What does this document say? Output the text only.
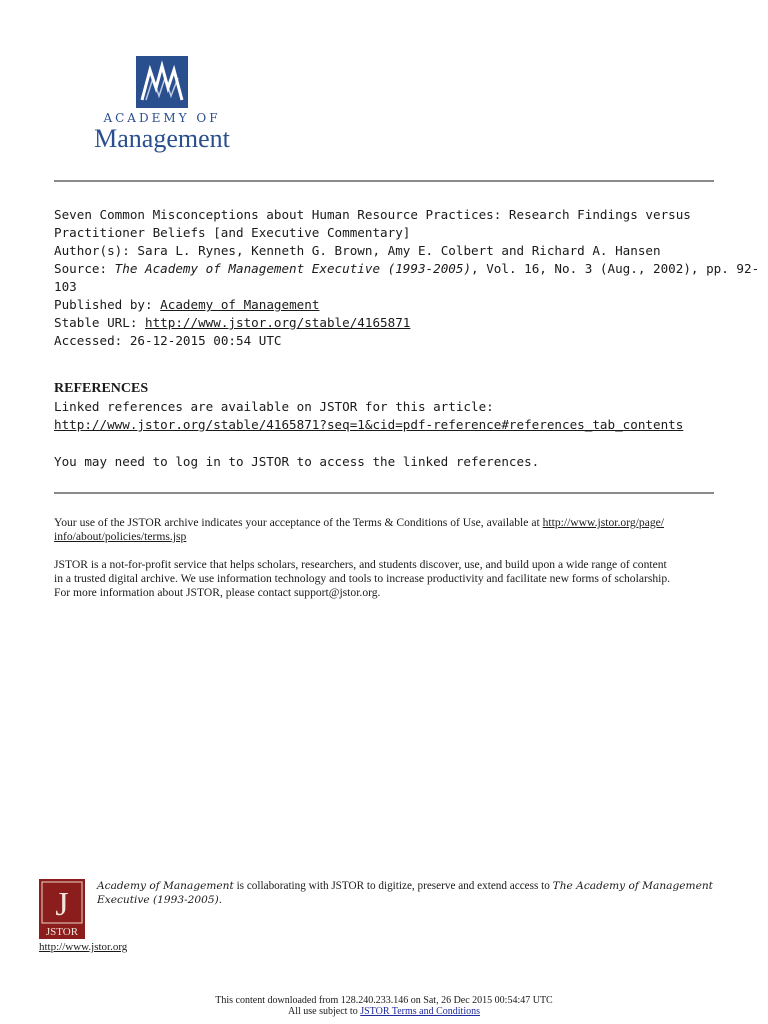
ACADEMY OF
Management
Seven Common Misconceptions about Human Resource Practices: Research Findings versus
Practitioner Beliefs [and Executive Commentary]
Author(s): Sara L. Rynes, Kenneth G. Brown, Amy E. Colbert and Richard A. Hansen
Source: The Academy of Management Executive (1993-2005), Vol. 16, No. 3 (Aug., 2002), pp. 92-
103
Published by: Academy of Management
Stable URL: http://www.jstor.org/stable/4165871
Accessed: 26-12-2015 00:54 UTC
REFERENCES
Linked references are available on JSTOR for this article:
http://www.jstor.org/stable/4165871?seq=1&cid=pdf-reference#references_tab_contents
You may need to log in to JSTOR to access the linked references.
Your use of the JSTOR archive indicates your acceptance of the Terms & Conditions of Use, available at http://www.jstor.org/page/
info/about/policies/terms.jsp
JSTOR is a not-for-profit service that helps scholars, researchers, and students discover, use, and build upon a wide range of content
in a trusted digital archive. We use information technology and tools to increase productivity and facilitate new forms of scholarship.
For more information about JSTOR, please contact support@jstor.org.
J
JSTOR
http://www.jstor.org
Academy of Management is collaborating with JSTOR to digitize, preserve and extend access to The Academy of Management
Executive (1993-2005).
This content downloaded from 128.240.233.146 on Sat, 26 Dec 2015 00:54:47 UTC
All use subject to JSTOR Terms and Conditions
